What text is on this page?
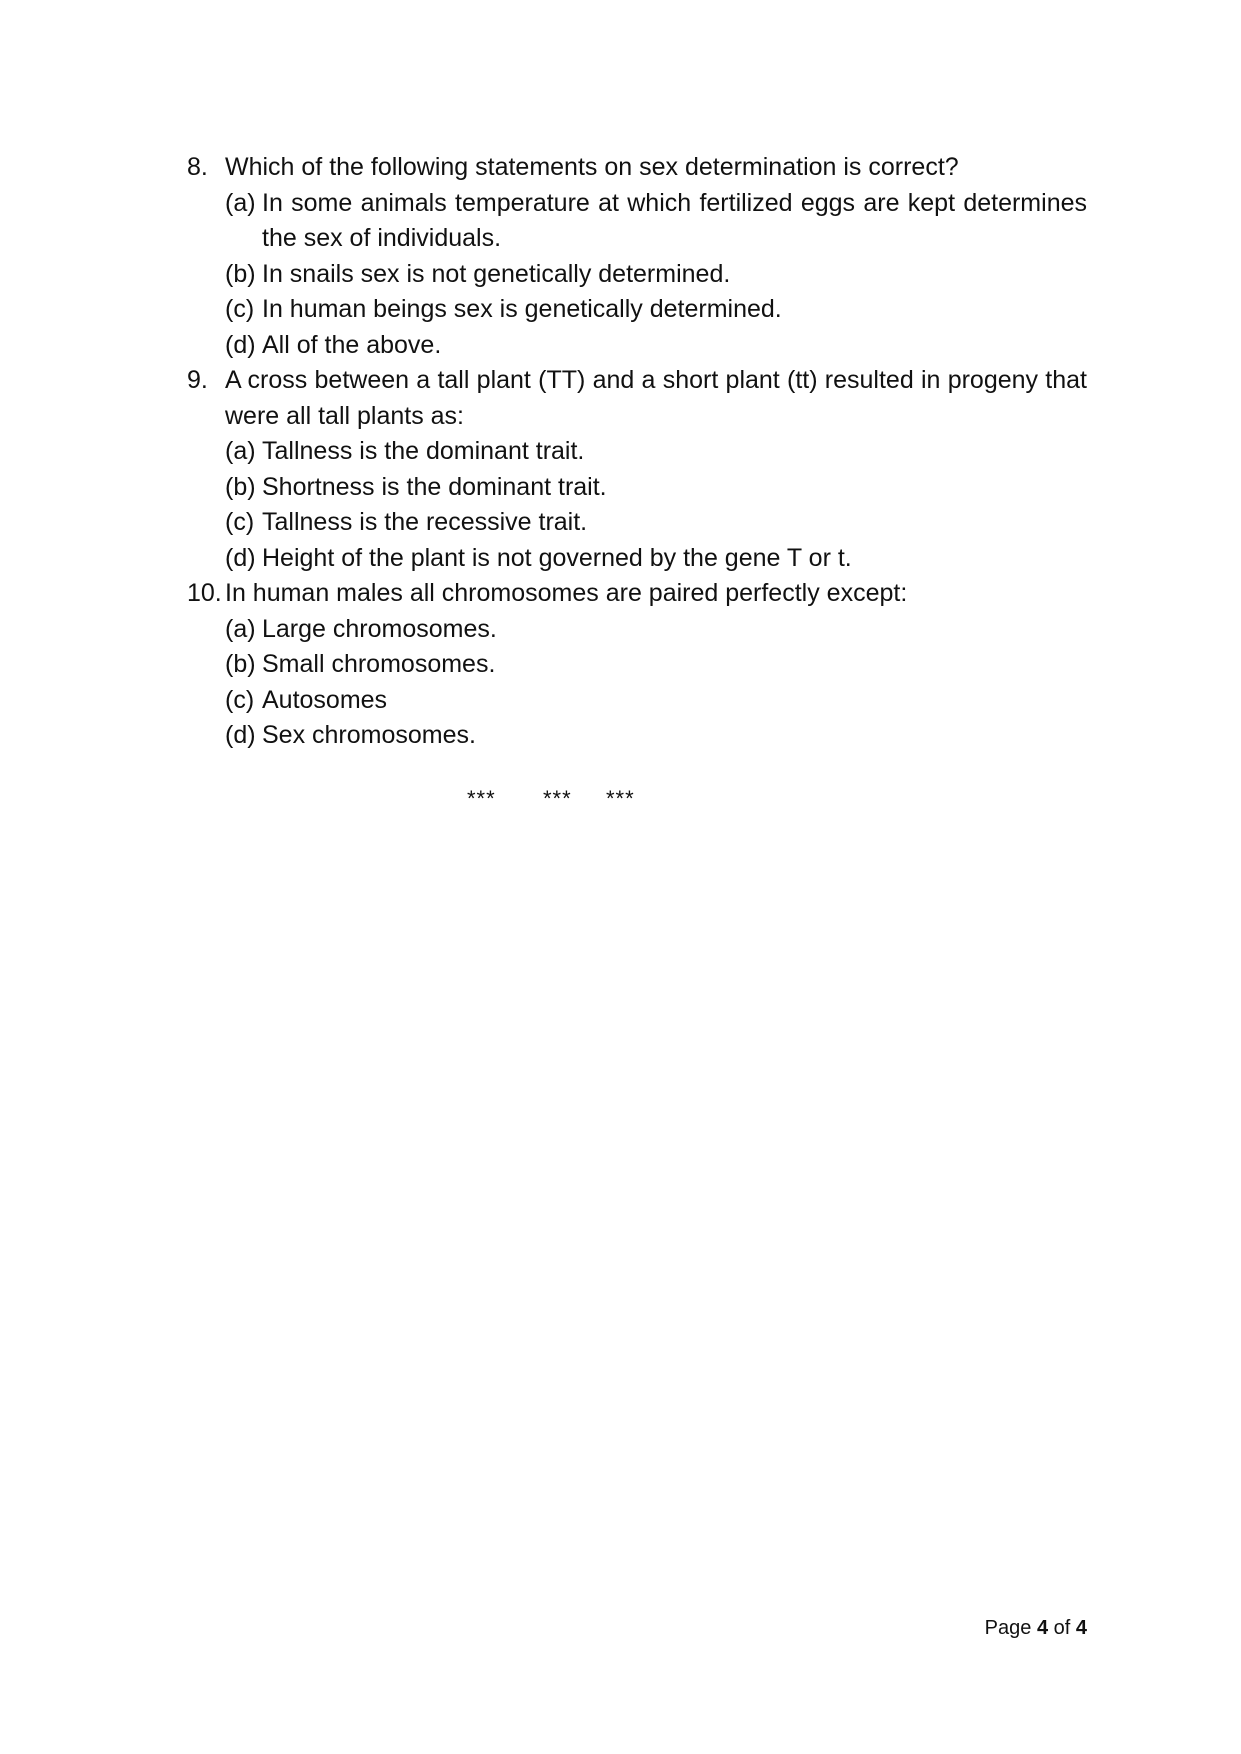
8. Which of the following statements on sex determination is correct?
(a) In some animals temperature at which fertilized eggs are kept determines the sex of individuals.
(b) In snails sex is not genetically determined.
(c) In human beings sex is genetically determined.
(d) All of the above.
9. A cross between a tall plant (TT) and a short plant (tt) resulted in progeny that were all tall plants as:
(a) Tallness is the dominant trait.
(b) Shortness is the dominant trait.
(c) Tallness is the recessive trait.
(d) Height of the plant is not governed by the gene T or t.
10. In human males all chromosomes are paired perfectly except:
(a) Large chromosomes.
(b) Small chromosomes.
(c) Autosomes
(d) Sex chromosomes.
*** *** ***
Page 4 of 4
